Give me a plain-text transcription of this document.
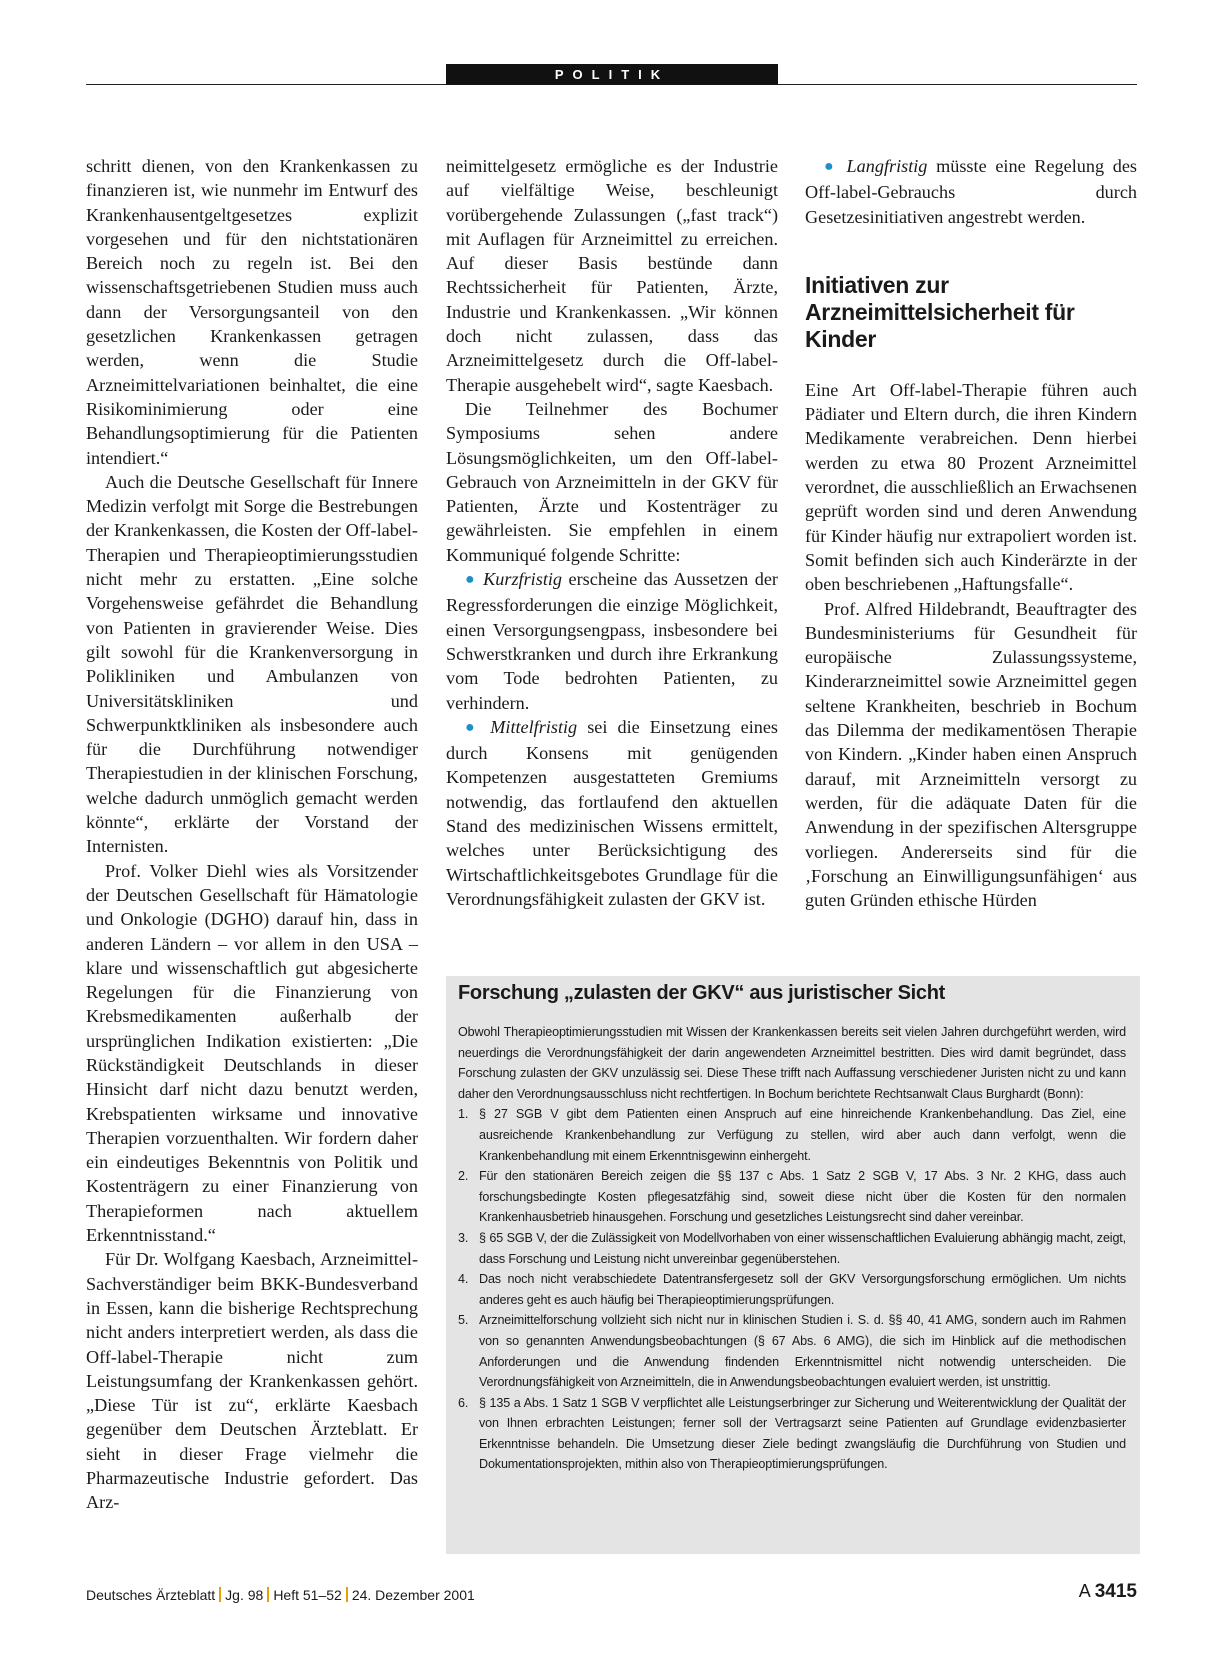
POLITIK

schritt dienen, von den Krankenkassen zu finanzieren ist, wie nunmehr im Entwurf des Krankenhausentgeltgesetzes explizit vorgesehen und für den nichtstationären Bereich noch zu regeln ist. Bei den wissenschaftsgetriebenen Studien muss auch dann der Versorgungsanteil von den gesetzlichen Krankenkassen getragen werden, wenn die Studie Arzneimittelvariationen beinhaltet, die eine Risikominimierung oder eine Behandlungsoptimierung für die Patienten intendiert.“

Auch die Deutsche Gesellschaft für Innere Medizin verfolgt mit Sorge die Bestrebungen der Krankenkassen, die Kosten der Off-label-Therapien und Therapieoptimierungsstudien nicht mehr zu erstatten. „Eine solche Vorgehensweise gefährdet die Behandlung von Patienten in gravierender Weise. Dies gilt sowohl für die Krankenversorgung in Polikliniken und Ambulanzen von Universitätskliniken und Schwerpunktkliniken als insbesondere auch für die Durchführung notwendiger Therapiestudien in der klinischen Forschung, welche dadurch unmöglich gemacht werden könnte“, erklärte der Vorstand der Internisten.

Prof. Volker Diehl wies als Vorsitzender der Deutschen Gesellschaft für Hämatologie und Onkologie (DGHO) darauf hin, dass in anderen Ländern – vor allem in den USA – klare und wissenschaftlich gut abgesicherte Regelungen für die Finanzierung von Krebsmedikamenten außerhalb der ursprünglichen Indikation existierten: „Die Rückständigkeit Deutschlands in dieser Hinsicht darf nicht dazu benutzt werden, Krebspatienten wirksame und innovative Therapien vorzuenthalten. Wir fordern daher ein eindeutiges Bekenntnis von Politik und Kostenträgern zu einer Finanzierung von Therapieformen nach aktuellem Erkenntnisstand.“

Für Dr. Wolfgang Kaesbach, Arzneimittel-Sachverständiger beim BKK-Bundesverband in Essen, kann die bisherige Rechtsprechung nicht anders interpretiert werden, als dass die Off-label-Therapie nicht zum Leistungsumfang der Krankenkassen gehört. „Diese Tür ist zu“, erklärte Kaesbach gegenüber dem Deutschen Ärzteblatt. Er sieht in dieser Frage vielmehr die Pharmazeutische Industrie gefordert. Das Arz-

neimittelgesetz ermögliche es der Industrie auf vielfältige Weise, beschleunigt vorübergehende Zulassungen („fast track“) mit Auflagen für Arzneimittel zu erreichen. Auf dieser Basis bestünde dann Rechtssicherheit für Patienten, Ärzte, Industrie und Krankenkassen. „Wir können doch nicht zulassen, dass das Arzneimittelgesetz durch die Off-label-Therapie ausgehebelt wird“, sagte Kaesbach.

Die Teilnehmer des Bochumer Symposiums sehen andere Lösungsmöglichkeiten, um den Off-label-Gebrauch von Arzneimitteln in der GKV für Patienten, Ärzte und Kostenträger zu gewährleisten. Sie empfehlen in einem Kommuniqué folgende Schritte:

● Kurzfristig erscheine das Aussetzen der Regressforderungen die einzige Möglichkeit, einen Versorgungsengpass, insbesondere bei Schwerstkranken und durch ihre Erkrankung vom Tode bedrohten Patienten, zu verhindern.

● Mittelfristig sei die Einsetzung eines durch Konsens mit genügenden Kompetenzen ausgestatteten Gremiums notwendig, das fortlaufend den aktuellen Stand des medizinischen Wissens ermittelt, welches unter Berücksichtigung des Wirtschaftlichkeitsgebotes Grundlage für die Verordnungsfähigkeit zulasten der GKV ist.

● Langfristig müsste eine Regelung des Off-label-Gebrauchs durch Gesetzesinitiativen angestrebt werden.

Initiativen zur Arzneimittelsicherheit für Kinder

Eine Art Off-label-Therapie führen auch Pädiater und Eltern durch, die ihren Kindern Medikamente verabreichen. Denn hierbei werden zu etwa 80 Prozent Arzneimittel verordnet, die ausschließlich an Erwachsenen geprüft worden sind und deren Anwendung für Kinder häufig nur extrapoliert worden ist. Somit befinden sich auch Kinderärzte in der oben beschriebenen „Haftungsfalle“.

Prof. Alfred Hildebrandt, Beauftragter des Bundesministeriums für Gesundheit für europäische Zulassungssysteme, Kinderarzneimittel sowie Arzneimittel gegen seltene Krankheiten, beschrieb in Bochum das Dilemma der medikamentösen Therapie von Kindern. „Kinder haben einen Anspruch darauf, mit Arzneimitteln versorgt zu werden, für die adäquate Daten für die Anwendung in der spezifischen Altersgruppe vorliegen. Andererseits sind für die ‚Forschung an Einwilligungsunfähigen‘ aus guten Gründen ethische Hürden

Forschung „zulasten der GKV“ aus juristischer Sicht

Obwohl Therapieoptimierungsstudien mit Wissen der Krankenkassen bereits seit vielen Jahren durchgeführt werden, wird neuerdings die Verordnungsfähigkeit der darin angewendeten Arzneimittel bestritten. Dies wird damit begründet, dass Forschung zulasten der GKV unzulässig sei. Diese These trifft nach Auffassung verschiedener Juristen nicht zu und kann daher den Verordnungsausschluss nicht rechtfertigen. In Bochum berichtete Rechtsanwalt Claus Burghardt (Bonn):

1. § 27 SGB V gibt dem Patienten einen Anspruch auf eine hinreichende Krankenbehandlung. Das Ziel, eine ausreichende Krankenbehandlung zur Verfügung zu stellen, wird aber auch dann verfolgt, wenn die Krankenbehandlung mit einem Erkenntnisgewinn einhergeht.
2. Für den stationären Bereich zeigen die §§ 137 c Abs. 1 Satz 2 SGB V, 17 Abs. 3 Nr. 2 KHG, dass auch forschungsbedingte Kosten pflegesatzfähig sind, soweit diese nicht über die Kosten für den normalen Krankenhausbetrieb hinausgehen. Forschung und gesetzliches Leistungsrecht sind daher vereinbar.
3. § 65 SGB V, der die Zulässigkeit von Modellvorhaben von einer wissenschaftlichen Evaluierung abhängig macht, zeigt, dass Forschung und Leistung nicht unvereinbar gegenüberstehen.
4. Das noch nicht verabschiedete Datentransfergesetz soll der GKV Versorgungsforschung ermöglichen. Um nichts anderes geht es auch häufig bei Therapieoptimierungsprüfungen.
5. Arzneimittelforschung vollzieht sich nicht nur in klinischen Studien i. S. d. §§ 40, 41 AMG, sondern auch im Rahmen von so genannten Anwendungsbeobachtungen (§ 67 Abs. 6 AMG), die sich im Hinblick auf die methodischen Anforderungen und die Anwendung findenden Erkenntnismittel nicht notwendig unterscheiden. Die Verordnungsfähigkeit von Arzneimitteln, die in Anwendungsbeobachtungen evaluiert werden, ist unstrittig.
6. § 135 a Abs. 1 Satz 1 SGB V verpflichtet alle Leistungserbringer zur Sicherung und Weiterentwicklung der Qualität der von Ihnen erbrachten Leistungen; ferner soll der Vertragsarzt seine Patienten auf Grundlage evidenzbasierter Erkenntnisse behandeln. Die Umsetzung dieser Ziele bedingt zwangsläufig die Durchführung von Studien und Dokumentationsprojekten, mithin also von Therapieoptimierungsprüfungen.
Deutsches Ärzteblatt Jg. 98 Heft 51–52 24. Dezember 2001	A 3415
